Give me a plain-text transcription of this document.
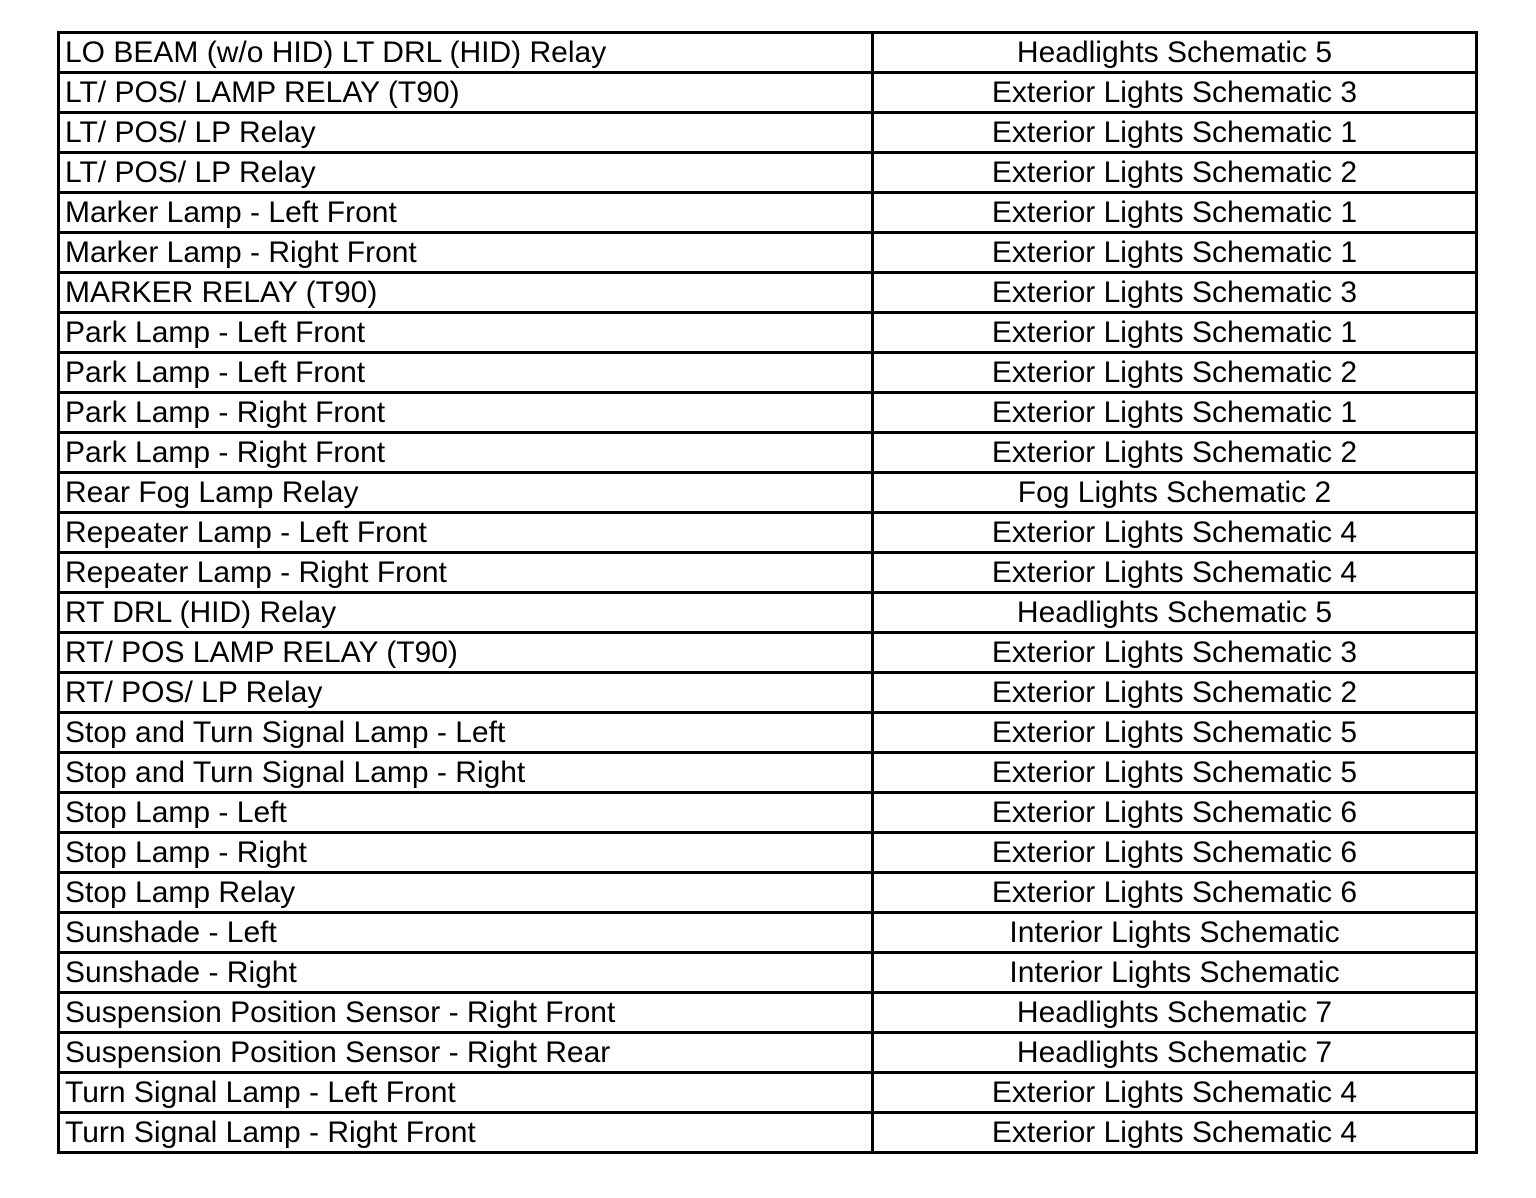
LO BEAM (w/o HID) LT DRL (HID) Relay	Headlights Schematic 5
LT/ POS/ LAMP RELAY (T90)	Exterior Lights Schematic 3
LT/ POS/ LP Relay	Exterior Lights Schematic 1
LT/ POS/ LP Relay	Exterior Lights Schematic 2
Marker Lamp - Left Front	Exterior Lights Schematic 1
Marker Lamp - Right Front	Exterior Lights Schematic 1
MARKER RELAY (T90)	Exterior Lights Schematic 3
Park Lamp - Left Front	Exterior Lights Schematic 1
Park Lamp - Left Front	Exterior Lights Schematic 2
Park Lamp - Right Front	Exterior Lights Schematic 1
Park Lamp - Right Front	Exterior Lights Schematic 2
Rear Fog Lamp Relay	Fog Lights Schematic 2
Repeater Lamp - Left Front	Exterior Lights Schematic 4
Repeater Lamp - Right Front	Exterior Lights Schematic 4
RT DRL (HID) Relay	Headlights Schematic 5
RT/ POS LAMP RELAY (T90)	Exterior Lights Schematic 3
RT/ POS/ LP Relay	Exterior Lights Schematic 2
Stop and Turn Signal Lamp - Left	Exterior Lights Schematic 5
Stop and Turn Signal Lamp - Right	Exterior Lights Schematic 5
Stop Lamp - Left	Exterior Lights Schematic 6
Stop Lamp - Right	Exterior Lights Schematic 6
Stop Lamp Relay	Exterior Lights Schematic 6
Sunshade - Left	Interior Lights Schematic
Sunshade - Right	Interior Lights Schematic
Suspension Position Sensor - Right Front	Headlights Schematic 7
Suspension Position Sensor - Right Rear	Headlights Schematic 7
Turn Signal Lamp - Left Front	Exterior Lights Schematic 4
Turn Signal Lamp - Right Front	Exterior Lights Schematic 4
